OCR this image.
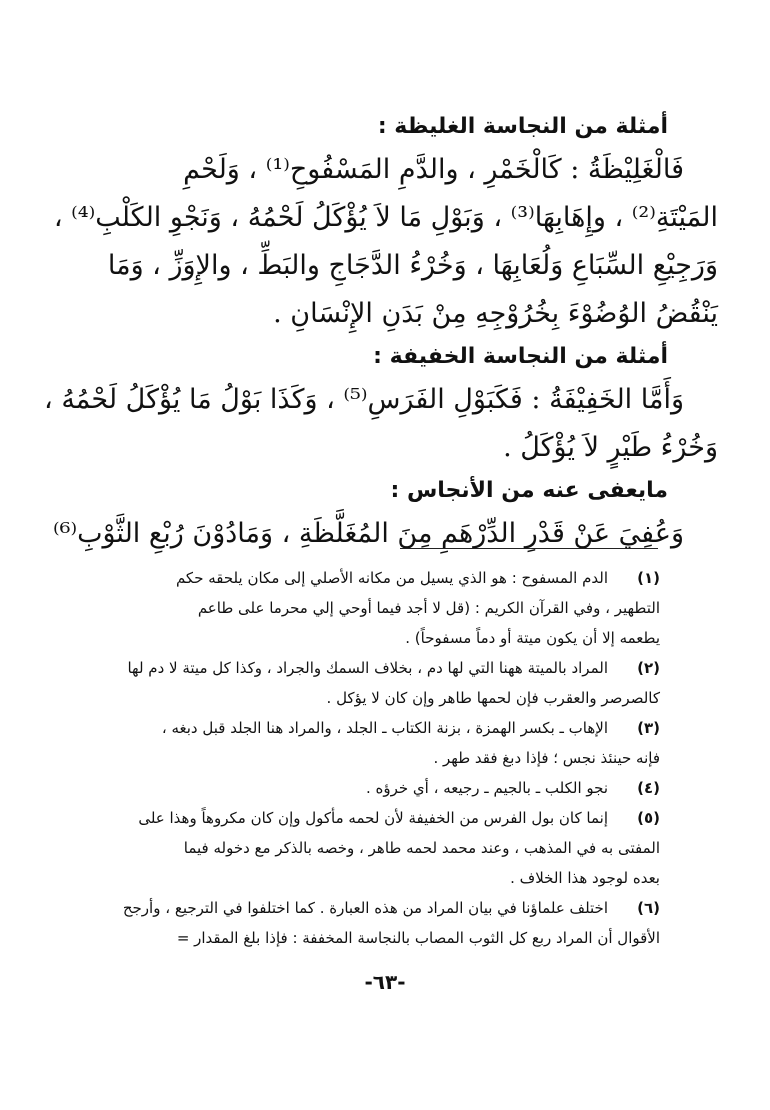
أمثلة من النجاسة الغليظة :

فَالْغَلِيْظَةُ : كَالْخَمْرِ ، والدَّمِ المَسْفُوحِ⁽¹⁾ ، وَلَحْمِ
المَيْتَةِ⁽²⁾ ، وإِهَابِهَا⁽³⁾ ، وَبَوْلِ مَا لاَ يُؤْكَلُ لَحْمُهُ ، وَنَجْوِ الكَلْبِ⁽⁴⁾ ،
وَرَجِيْعِ السِّبَاعِ وَلُعَابِهَا ، وَخُرْءُ الدَّجَاجِ والبَطِّ ، والإِوَزِّ ، وَمَا
يَنْقُضُ الوُضُوْءَ بِخُرُوْجِهِ مِنْ بَدَنِ الإِنْسَانِ .

أمثلة من النجاسة الخفيفة :

وَأَمَّا الخَفِيْفَةُ : فَكَبَوْلِ الفَرَسِ⁽⁵⁾ ، وَكَذَا بَوْلُ مَا يُؤْكَلُ لَحْمُهُ ،
وَخُرْءُ طَيْرٍ لاَ يُؤْكَلُ .

مايعفى عنه من الأنجاس :

وَعُفِيَ عَنْ قَدْرِ الدِّرْهَمِ مِنَ المُغَلَّظَةِ ، وَمَادُوْنَ رُبْعِ الثَّوْبِ⁽⁶⁾

(١)
الدم المسفوح : هو الذي يسيل من مكانه الأصلي إلى مكان يلحقه حكم
التطهير ، وفي القرآن الكريم : (قل لا أجد فيما أوحي إلي محرما على طاعم
يطعمه إلا أن يكون ميتة أو دماً مسفوحاً) .
(٢)
المراد بالميتة ههنا التي لها دم ، بخلاف السمك والجراد ، وكذا كل ميتة لا دم لها
كالصرصر والعقرب فإن لحمها طاهر وإن كان لا يؤكل .
(٣)
الإهاب ـ بكسر الهمزة ، بزنة الكتاب ـ الجلد ، والمراد هنا الجلد قبل دبغه ،
فإنه حينئذ نجس ؛ فإذا دبغ فقد طهر .
(٤)
نجو الكلب ـ بالجيم ـ رجيعه ، أي خرؤه .
(٥)
إنما كان بول الفرس من الخفيفة لأن لحمه مأكول وإن كان مكروهاً وهذا على
المفتى به في المذهب ، وعند محمد لحمه طاهر ، وخصه بالذكر مع دخوله فيما
بعده لوجود هذا الخلاف .
(٦)
اختلف علماؤنا في بيان المراد من هذه العبارة . كما اختلفوا في الترجيع ، وأرجح
الأقوال أن المراد ربع كل الثوب المصاب بالنجاسة المخففة : فإذا بلغ المقدار =
-٦٣-
